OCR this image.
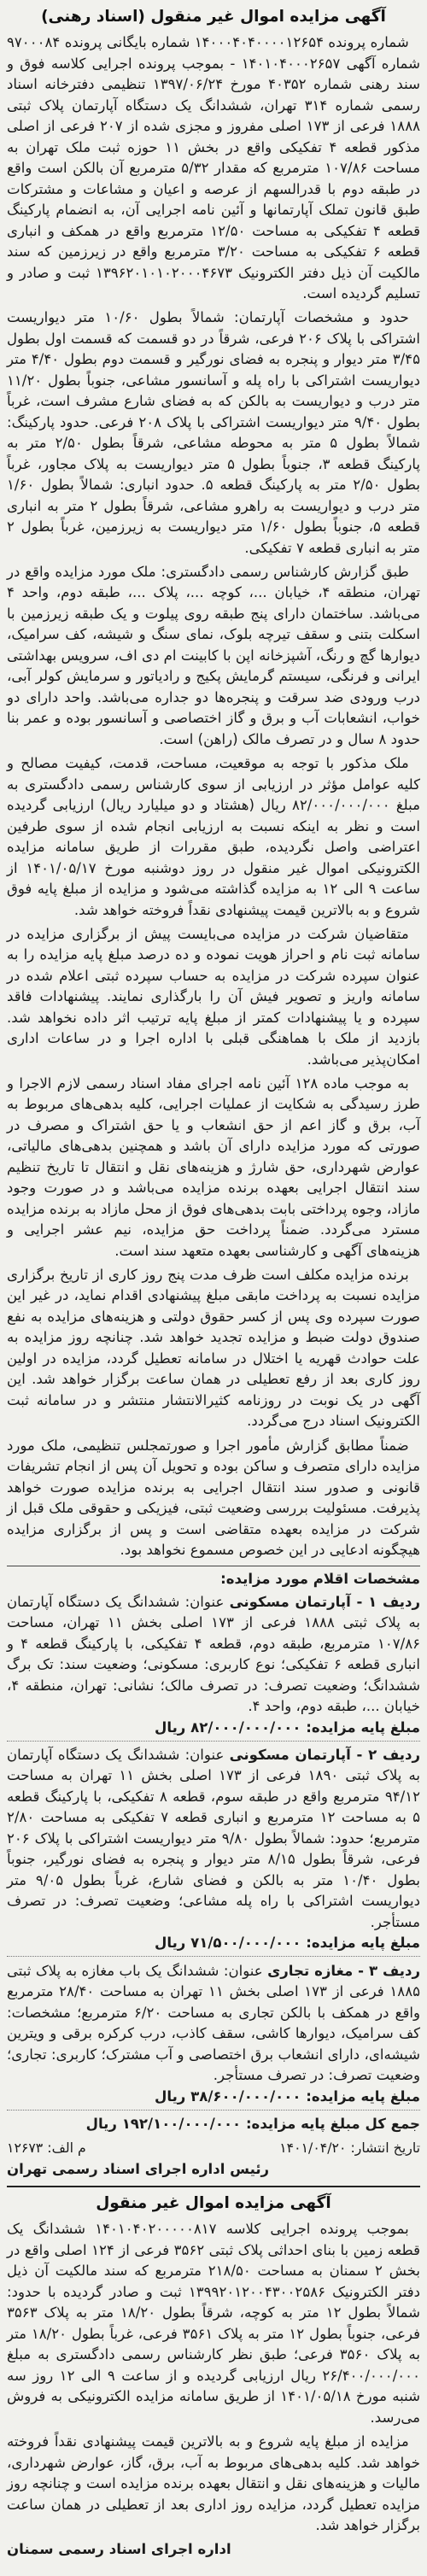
آگهی مزایده اموال غیر منقول (اسناد رهنی)

شماره پرونده ۱۴۰۰۰۴۰۴۰۰۰۰۱۲۶۵۴ شماره بایگانی پرونده ۹۷۰۰۰۸۴ شماره آگهی ۱۴۰۱۰۴۰۰۰۲۶۵۷ - بموجب پرونده اجرایی کلاسه فوق و سند رهنی شماره ۴۰۳۵۲ مورخ ۱۳۹۷/۰۶/۲۴ تنظیمی دفترخانه اسناد رسمی شماره ۳۱۴ تهران، ششدانگ یک دستگاه آپارتمان پلاک ثبتی ۱۸۸۸ فرعی از ۱۷۳ اصلی مفروز و مجزی شده از ۲۰۷ فرعی از اصلی مذکور قطعه ۴ تفکیکی واقع در بخش ۱۱ حوزه ثبت ملک تهران به مساحت ۱۰۷/۸۶ مترمربع که مقدار ۵/۳۲ مترمربع آن بالکن است واقع در طبقه دوم با قدرالسهم از عرصه و اعیان و مشاعات و مشترکات طبق قانون تملک آپارتمانها و آئین نامه اجرایی آن، به انضمام پارکینگ قطعه ۴ تفکیکی به مساحت ۱۲/۵۰ مترمربع واقع در همکف و انباری قطعه ۶ تفکیکی به مساحت ۳/۲۰ مترمربع واقع در زیرزمین که سند مالکیت آن ذیل دفتر الکترونیک ۱۳۹۶۲۰۱۰۱۰۲۰۰۰۴۶۷۳ ثبت و صادر و تسلیم گردیده است.

حدود و مشخصات آپارتمان: شمالاً بطول ۱۰/۶۰ متر دیواریست اشتراکی با پلاک ۲۰۶ فرعی، شرقاً در دو قسمت که قسمت اول بطول ۳/۴۵ متر دیوار و پنجره به فضای نورگیر و قسمت دوم بطول ۴/۴۰ متر دیواریست اشتراکی با راه پله و آسانسور مشاعی، جنوباً بطول ۱۱/۲۰ متر درب و دیواریست به بالکن که به فضای شارع مشرف است، غرباً بطول ۹/۴۰ متر دیواریست اشتراکی با پلاک ۲۰۸ فرعی. حدود پارکینگ: شمالاً بطول ۵ متر به محوطه مشاعی، شرقاً بطول ۲/۵۰ متر به پارکینگ قطعه ۳، جنوباً بطول ۵ متر دیواریست به پلاک مجاور، غرباً بطول ۲/۵۰ متر به پارکینگ قطعه ۵. حدود انباری: شمالاً بطول ۱/۶۰ متر درب و دیواریست به راهرو مشاعی، شرقاً بطول ۲ متر به انباری قطعه ۵، جنوباً بطول ۱/۶۰ متر دیواریست به زیرزمین، غرباً بطول ۲ متر به انباری قطعه ۷ تفکیکی.

طبق گزارش کارشناس رسمی دادگستری: ملک مورد مزایده واقع در تهران، منطقه ۴، خیابان ...، کوچه ...، پلاک ...، طبقه دوم، واحد ۴ می‌باشد. ساختمان دارای پنج طبقه روی پیلوت و یک طبقه زیرزمین با اسکلت بتنی و سقف تیرچه بلوک، نمای سنگ و شیشه، کف سرامیک، دیوارها گچ و رنگ، آشپزخانه اپن با کابینت ام دی اف، سرویس بهداشتی ایرانی و فرنگی، سیستم گرمایش پکیج و رادیاتور و سرمایش کولر آبی، درب ورودی ضد سرقت و پنجره‌ها دو جداره می‌باشد. واحد دارای دو خواب، انشعابات آب و برق و گاز اختصاصی و آسانسور بوده و عمر بنا حدود ۸ سال و در تصرف مالک (راهن) است.

ملک مذکور با توجه به موقعیت، مساحت، قدمت، کیفیت مصالح و کلیه عوامل مؤثر در ارزیابی از سوی کارشناس رسمی دادگستری به مبلغ ۸۲/۰۰۰/۰۰۰/۰۰۰ ریال (هشتاد و دو میلیارد ریال) ارزیابی گردیده است و نظر به اینکه نسبت به ارزیابی انجام شده از سوی طرفین اعتراضی واصل نگردیده، طبق مقررات از طریق سامانه مزایده الکترونیکی اموال غیر منقول در روز دوشنبه مورخ ۱۴۰۱/۰۵/۱۷ از ساعت ۹ الی ۱۲ به مزایده گذاشته می‌شود و مزایده از مبلغ پایه فوق شروع و به بالاترین قیمت پیشنهادی نقداً فروخته خواهد شد.

متقاضیان شرکت در مزایده می‌بایست پیش از برگزاری مزایده در سامانه ثبت نام و احراز هویت نموده و ده درصد مبلغ پایه مزایده را به عنوان سپرده شرکت در مزایده به حساب سپرده ثبتی اعلام شده در سامانه واریز و تصویر فیش آن را بارگذاری نمایند. پیشنهادات فاقد سپرده و یا پیشنهادات کمتر از مبلغ پایه ترتیب اثر داده نخواهد شد. بازدید از ملک با هماهنگی قبلی با اداره اجرا و در ساعات اداری امکان‌پذیر می‌باشد.

به موجب ماده ۱۲۸ آئین نامه اجرای مفاد اسناد رسمی لازم الاجرا و طرز رسیدگی به شکایت از عملیات اجرایی، کلیه بدهی‌های مربوط به آب، برق و گاز اعم از حق انشعاب و یا حق اشتراک و مصرف در صورتی که مورد مزایده دارای آن باشد و همچنین بدهی‌های مالیاتی، عوارض شهرداری، حق شارژ و هزینه‌های نقل و انتقال تا تاریخ تنظیم سند انتقال اجرایی بعهده برنده مزایده می‌باشد و در صورت وجود مازاد، وجوه پرداختی بابت بدهی‌های فوق از محل مازاد به برنده مزایده مسترد می‌گردد. ضمناً پرداخت حق مزایده، نیم عشر اجرایی و هزینه‌های آگهی و کارشناسی بعهده متعهد سند است.

برنده مزایده مکلف است ظرف مدت پنج روز کاری از تاریخ برگزاری مزایده نسبت به پرداخت مابقی مبلغ پیشنهادی اقدام نماید، در غیر این صورت سپرده وی پس از کسر حقوق دولتی و هزینه‌های مزایده به نفع صندوق دولت ضبط و مزایده تجدید خواهد شد. چنانچه روز مزایده به علت حوادث قهریه یا اختلال در سامانه تعطیل گردد، مزایده در اولین روز کاری بعد از رفع تعطیلی در همان ساعت برگزار خواهد شد. این آگهی در یک نوبت در روزنامه کثیرالانتشار منتشر و در سامانه ثبت الکترونیک اسناد درج می‌گردد.

ضمناً مطابق گزارش مأمور اجرا و صورتمجلس تنظیمی، ملک مورد مزایده دارای متصرف و ساکن بوده و تحویل آن پس از انجام تشریفات قانونی و صدور سند انتقال اجرایی به برنده مزایده صورت خواهد پذیرفت. مسئولیت بررسی وضعیت ثبتی، فیزیکی و حقوقی ملک قبل از شرکت در مزایده بعهده متقاضی است و پس از برگزاری مزایده هیچگونه ادعایی در این خصوص مسموع نخواهد بود.

مشخصات اقلام مورد مزایده:
ردیف ۱ - آپارتمان مسکونی عنوان: ششدانگ یک دستگاه آپارتمان به پلاک ثبتی ۱۸۸۸ فرعی از ۱۷۳ اصلی بخش ۱۱ تهران، مساحت ۱۰۷/۸۶ مترمربع، طبقه دوم، قطعه ۴ تفکیکی، با پارکینگ قطعه ۴ و انباری قطعه ۶ تفکیکی؛ نوع کاربری: مسکونی؛ وضعیت سند: تک برگ ششدانگ؛ وضعیت تصرف: در تصرف مالک؛ نشانی: تهران، منطقه ۴، خیابان ...، طبقه دوم، واحد ۴.
مبلغ پایه مزایده: ۸۲/۰۰۰/۰۰۰/۰۰۰ ریال
ردیف ۲ - آپارتمان مسکونی عنوان: ششدانگ یک دستگاه آپارتمان به پلاک ثبتی ۱۸۹۰ فرعی از ۱۷۳ اصلی بخش ۱۱ تهران به مساحت ۹۴/۱۲ مترمربع واقع در طبقه سوم، قطعه ۸ تفکیکی، با پارکینگ قطعه ۵ به مساحت ۱۲ مترمربع و انباری قطعه ۷ تفکیکی به مساحت ۲/۸۰ مترمربع؛ حدود: شمالاً بطول ۹/۸۰ متر دیواریست اشتراکی با پلاک ۲۰۶ فرعی، شرقاً بطول ۸/۱۵ متر دیوار و پنجره به فضای نورگیر، جنوباً بطول ۱۰/۴۰ متر به بالکن و فضای شارع، غرباً بطول ۹/۰۵ متر دیواریست اشتراکی با راه پله مشاعی؛ وضعیت تصرف: در تصرف مستأجر.
مبلغ پایه مزایده: ۷۱/۵۰۰/۰۰۰/۰۰۰ ریال
ردیف ۳ - مغازه تجاری عنوان: ششدانگ یک باب مغازه به پلاک ثبتی ۱۸۸۵ فرعی از ۱۷۳ اصلی بخش ۱۱ تهران به مساحت ۲۸/۴۰ مترمربع واقع در همکف با بالکن تجاری به مساحت ۶/۲۰ مترمربع؛ مشخصات: کف سرامیک، دیوارها کاشی، سقف کاذب، درب کرکره برقی و ویترین شیشه‌ای، دارای انشعاب برق اختصاصی و آب مشترک؛ کاربری: تجاری؛ وضعیت تصرف: در تصرف مستأجر.
مبلغ پایه مزایده: ۳۸/۶۰۰/۰۰۰/۰۰۰ ریال
جمع کل مبلغ پایه مزایده: ۱۹۲/۱۰۰/۰۰۰/۰۰۰ ریال
تاریخ انتشار: ۱۴۰۱/۰۴/۲۰
م الف: ۱۲۶۷۳
رئیس اداره اجرای اسناد رسمی تهران
آگهی مزایده اموال غیر منقول

بموجب پرونده اجرایی کلاسه ۱۴۰۱۰۴۰۲۰۰۰۰۰۸۱۷ ششدانگ یک قطعه زمین با بنای احداثی پلاک ثبتی ۳۵۶۲ فرعی از ۱۲۴ اصلی واقع در بخش ۲ سمنان به مساحت ۲۱۸/۵۰ مترمربع که سند مالکیت آن ذیل دفتر الکترونیک ۱۳۹۹۲۰۱۲۰۰۴۳۰۰۲۵۸۶ ثبت و صادر گردیده با حدود: شمالاً بطول ۱۲ متر به کوچه، شرقاً بطول ۱۸/۲۰ متر به پلاک ۳۵۶۳ فرعی، جنوباً بطول ۱۲ متر به پلاک ۳۵۶۱ فرعی، غرباً بطول ۱۸/۲۰ متر به پلاک ۳۵۶۰ فرعی؛ طبق نظر کارشناس رسمی دادگستری به مبلغ ۲۶/۴۰۰/۰۰۰/۰۰۰ ریال ارزیابی گردیده و از ساعت ۹ الی ۱۲ روز سه شنبه مورخ ۱۴۰۱/۰۵/۱۸ از طریق سامانه مزایده الکترونیکی به فروش می‌رسد.

مزایده از مبلغ پایه شروع و به بالاترین قیمت پیشنهادی نقداً فروخته خواهد شد. کلیه بدهی‌های مربوط به آب، برق، گاز، عوارض شهرداری، مالیات و هزینه‌های نقل و انتقال بعهده برنده مزایده است و چنانچه روز مزایده تعطیل گردد، مزایده روز اداری بعد از تعطیلی در همان ساعت برگزار خواهد شد.

اداره اجرای اسناد رسمی سمنان
